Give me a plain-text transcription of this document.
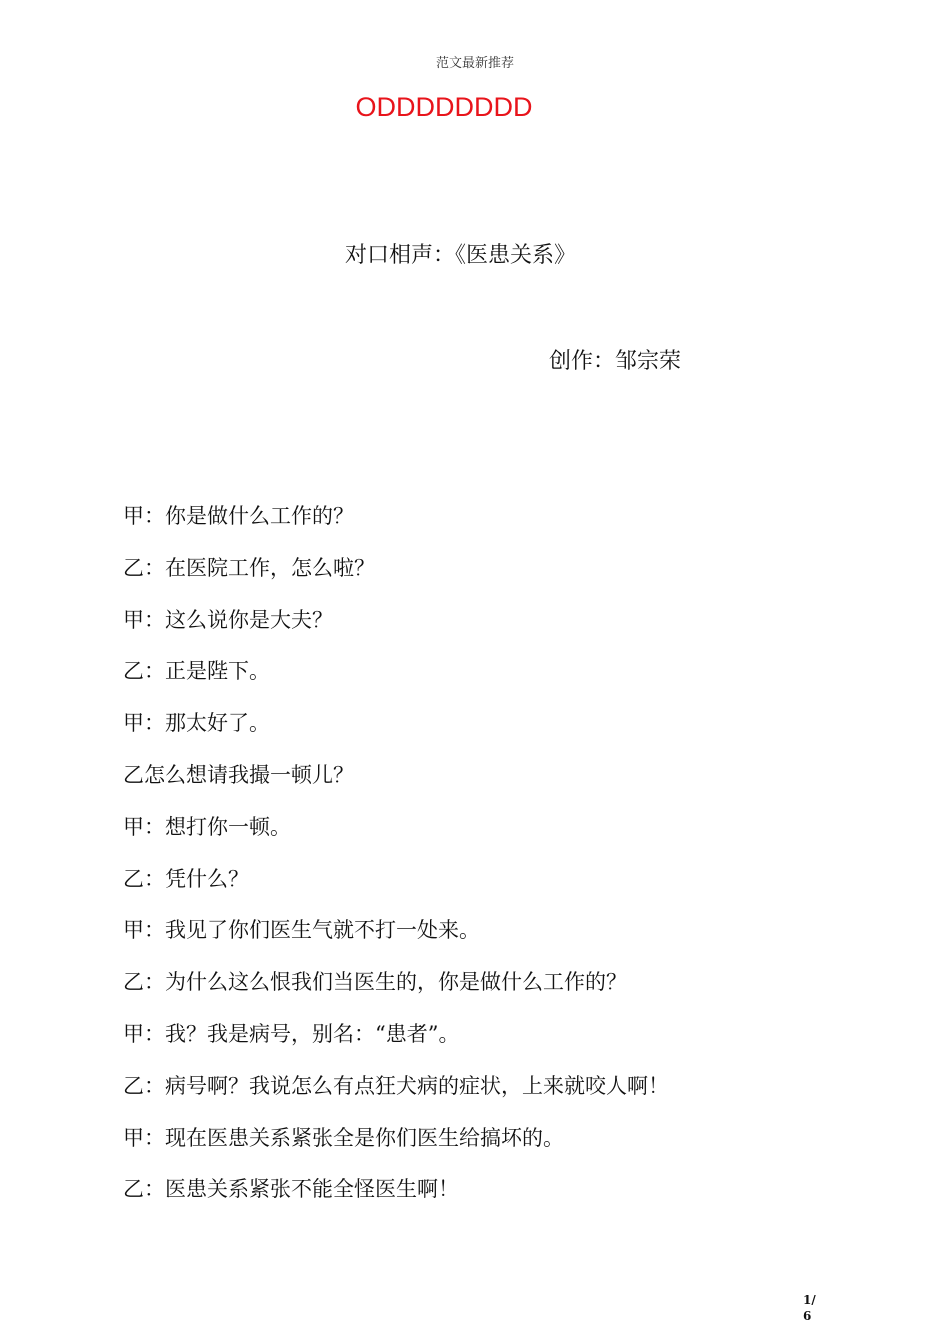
范文最新推荐
ODDDDDDDD
对口相声：《医患关系》
创作：邹宗荣
甲：你是做什么工作的？
乙：在医院工作，怎么啦？
甲：这么说你是大夫？
乙：正是陛下。
甲：那太好了。
乙怎么想请我撮一顿儿？
甲：想打你一顿。
乙：凭什么？
甲：我见了你们医生气就不打一处来。
乙：为什么这么恨我们当医生的，你是做什么工作的？
甲：我？我是病号，别名：“患者”。
乙：病号啊？我说怎么有点狂犬病的症状，上来就咬人啊！
甲：现在医患关系紧张全是你们医生给搞坏的。
乙：医患关系紧张不能全怪医生啊！
1/
6
